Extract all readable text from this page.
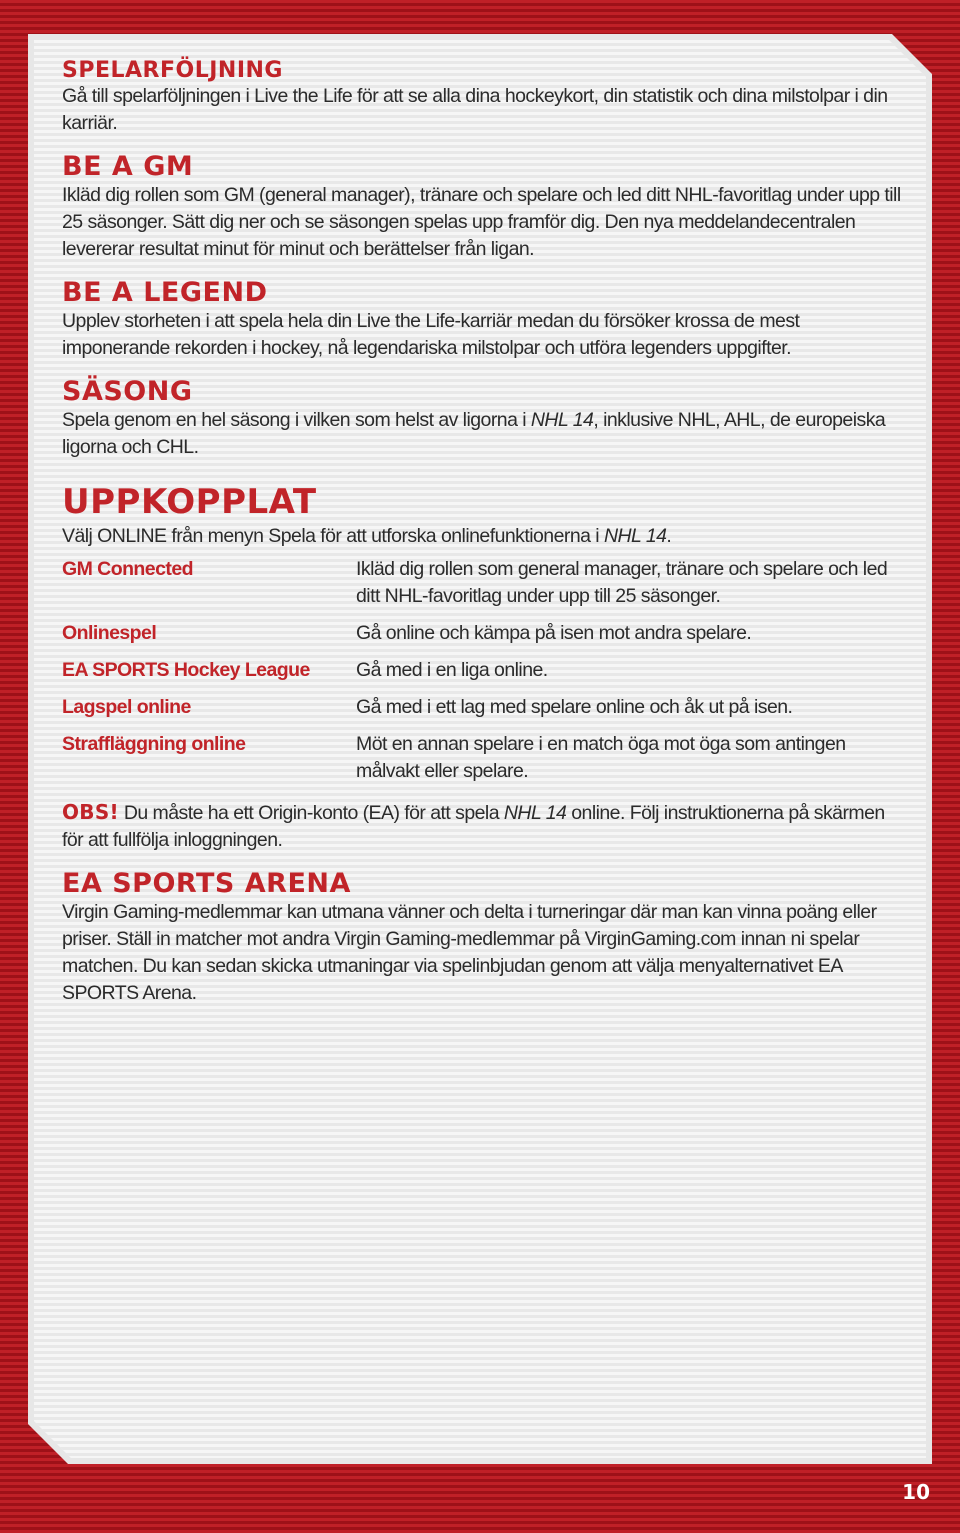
SPELARFÖLJNING

Gå till spelarföljningen i Live the Life för att se alla dina hockeykort, din statistik och dina milstolpar i din karriär.

BE A GM

Ikläd dig rollen som GM (general manager), tränare och spelare och led ditt NHL-favoritlag under upp till 25 säsonger. Sätt dig ner och se säsongen spelas upp framför dig. Den nya meddelandecentralen levererar resultat minut för minut och berättelser från ligan.

BE A LEGEND

Upplev storheten i att spela hela din Live the Life-karriär medan du försöker krossa de mest imponerande rekorden i hockey, nå legendariska milstolpar och utföra legenders uppgifter.

SÄSONG

Spela genom en hel säsong i vilken som helst av ligorna i NHL 14, inklusive NHL, AHL, de europeiska ligorna och CHL.

UPPKOPPLAT

Välj ONLINE från menyn Spela för att utforska onlinefunktionerna i NHL 14.

GM Connected	Ikläd dig rollen som general manager, tränare och spelare och led ditt NHL-favoritlag under upp till 25 säsonger.
Onlinespel	Gå online och kämpa på isen mot andra spelare.
EA SPORTS Hockey League	Gå med i en liga online.
Lagspel online	Gå med i ett lag med spelare online och åk ut på isen.
Straffläggning online	Möt en annan spelare i en match öga mot öga som antingen målvakt eller spelare.

OBS! Du måste ha ett Origin-konto (EA) för att spela NHL 14 online. Följ instruktionerna på skärmen för att fullfölja inloggningen.

EA SPORTS ARENA

Virgin Gaming-medlemmar kan utmana vänner och delta i turneringar där man kan vinna poäng eller priser. Ställ in matcher mot andra Virgin Gaming-medlemmar på VirginGaming.com innan ni spelar matchen. Du kan sedan skicka utmaningar via spelinbjudan genom att välja menyalternativet EA SPORTS Arena.

10
